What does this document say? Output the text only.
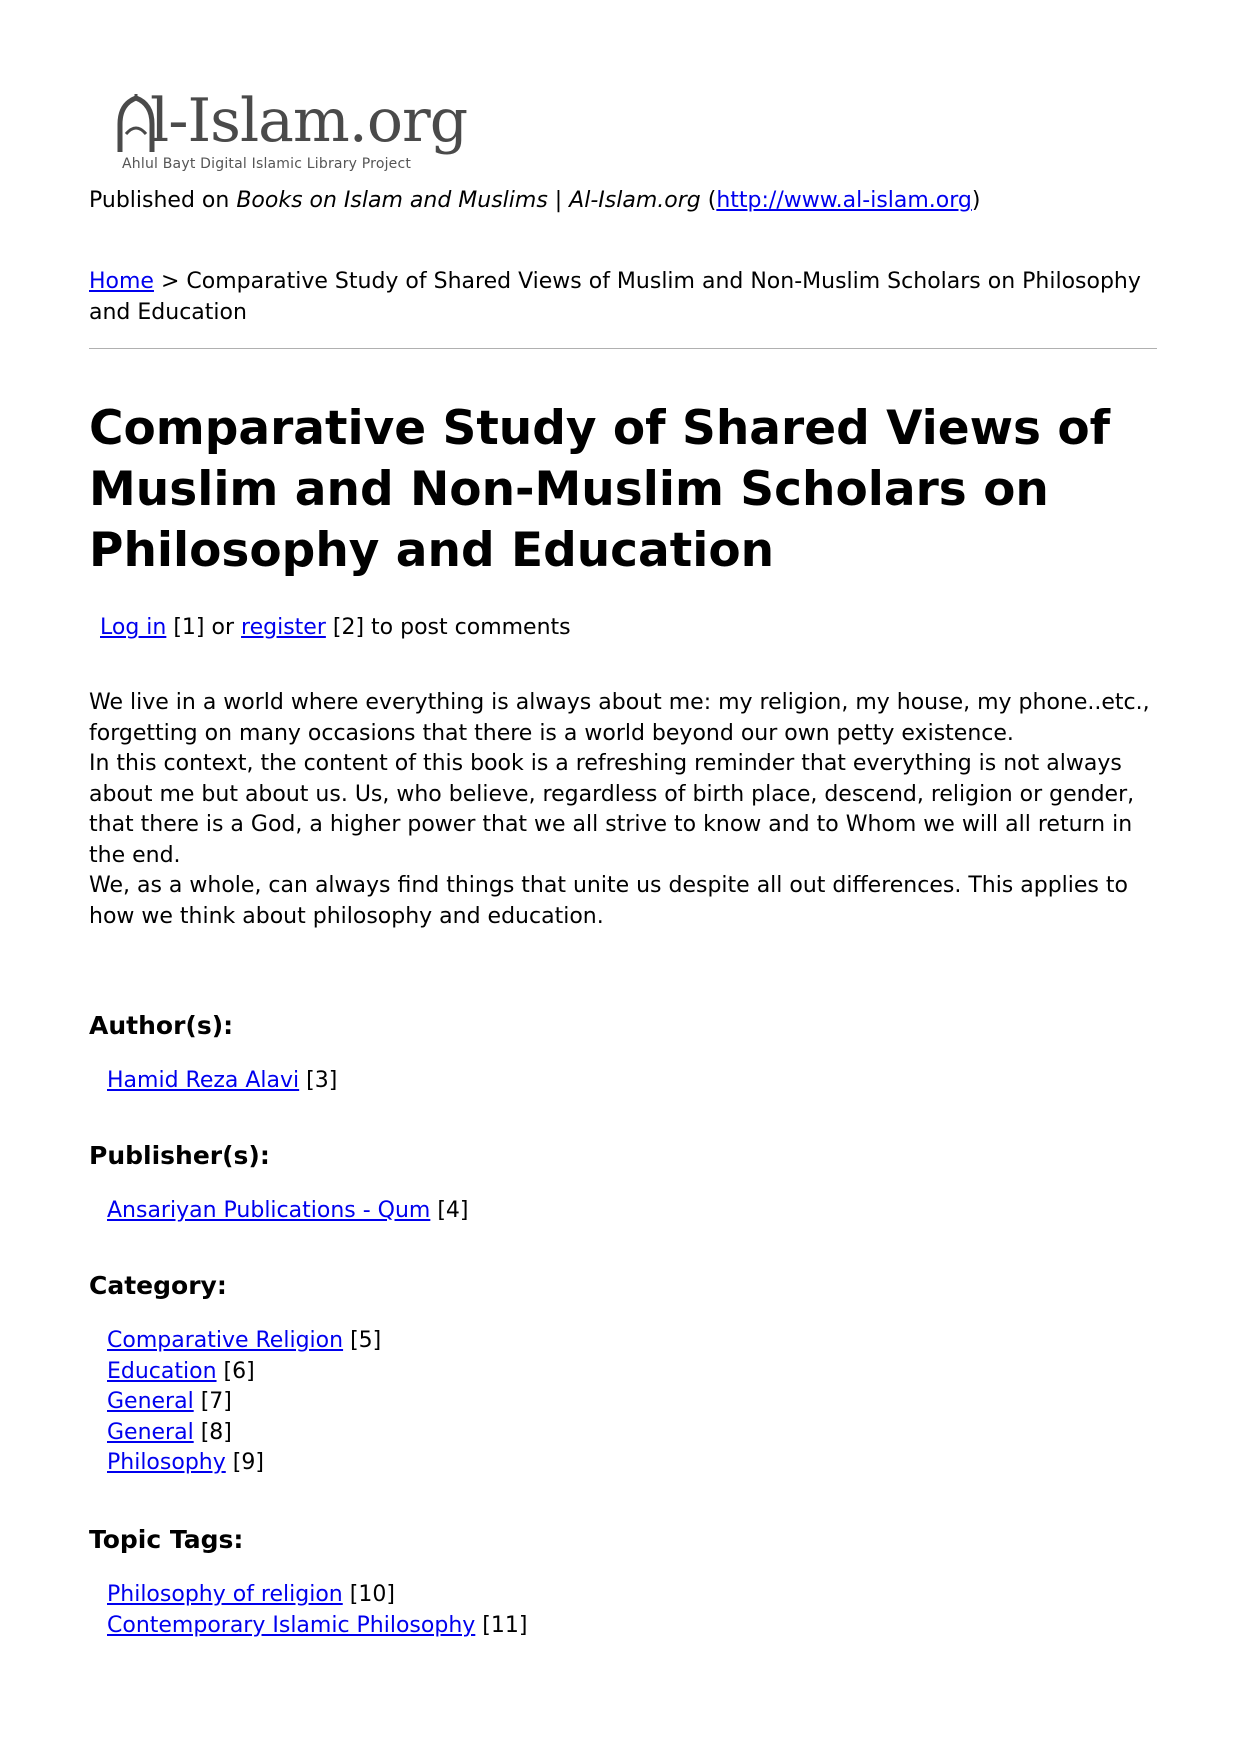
l-Islam.org
Ahlul Bayt Digital Islamic Library Project
Published on Books on Islam and Muslims | Al-Islam.org (http://www.al-islam.org)
Home > Comparative Study of Shared Views of Muslim and Non-Muslim Scholars on Philosophy and Education
Comparative Study of Shared Views of Muslim and Non-Muslim Scholars on Philosophy and Education
Log in [1] or register [2] to post comments

We live in a world where everything is always about me: my religion, my house, my phone..etc., forgetting on many occasions that there is a world beyond our own petty existence.

In this context, the content of this book is a refreshing reminder that everything is not always about me but about us. Us, who believe, regardless of birth place, descend, religion or gender, that there is a God, a higher power that we all strive to know and to Whom we will all return in the end.

We, as a whole, can always find things that unite us despite all out differences. This applies to how we think about philosophy and education.

Author(s):
Hamid Reza Alavi [3]
Publisher(s):
Ansariyan Publications - Qum [4]
Category:
Comparative Religion [5]
Education [6]
General [7]
General [8]
Philosophy [9]
Topic Tags:
Philosophy of religion [10]
Contemporary Islamic Philosophy [11]
